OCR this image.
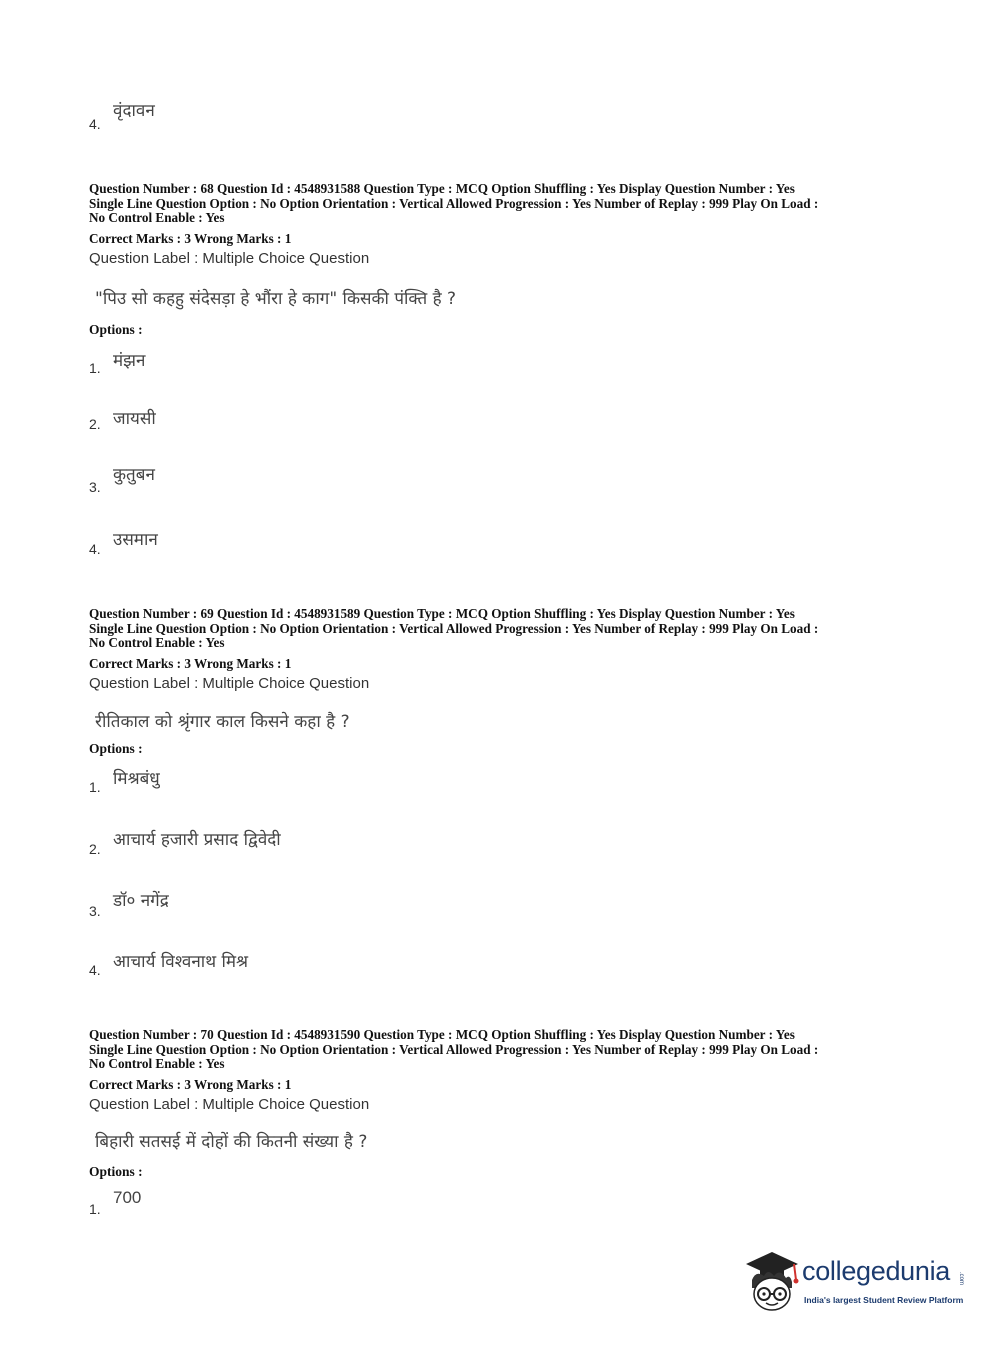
4.
वृंदावन
Question Number : 68 Question Id : 4548931588 Question Type : MCQ Option Shuffling : Yes Display Question Number : Yes
Single Line Question Option : No Option Orientation : Vertical Allowed Progression : Yes Number of Replay : 999 Play On Load :
No Control Enable : Yes
Correct Marks : 3 Wrong Marks : 1
Question Label : Multiple Choice Question
"पिउ सो कहहु संदेसड़ा हे भौंरा हे काग" किसकी पंक्ति है ?
Options :
1. मंझन
2. जायसी
3.
कुतुबन
4. उसमान
Question Number : 69 Question Id : 4548931589 Question Type : MCQ Option Shuffling : Yes Display Question Number : Yes
Single Line Question Option : No Option Orientation : Vertical Allowed Progression : Yes Number of Replay : 999 Play On Load :
No Control Enable : Yes
Correct Marks : 3 Wrong Marks : 1
Question Label : Multiple Choice Question
रीतिकाल को श्रृंगार काल किसने कहा है ?
Options :
1. मिश्रबंधु
2. आचार्य हजारी प्रसाद द्विवेदी
3. डॉ० नगेंद्र
4. आचार्य विश्वनाथ मिश्र
Question Number : 70 Question Id : 4548931590 Question Type : MCQ Option Shuffling : Yes Display Question Number : Yes
Single Line Question Option : No Option Orientation : Vertical Allowed Progression : Yes Number of Replay : 999 Play On Load :
No Control Enable : Yes
Correct Marks : 3 Wrong Marks : 1
Question Label : Multiple Choice Question
बिहारी सतसई में दोहों की कितनी संख्या है ?
Options :
1.
700
collegedunia .com
India's largest Student Review Platform
